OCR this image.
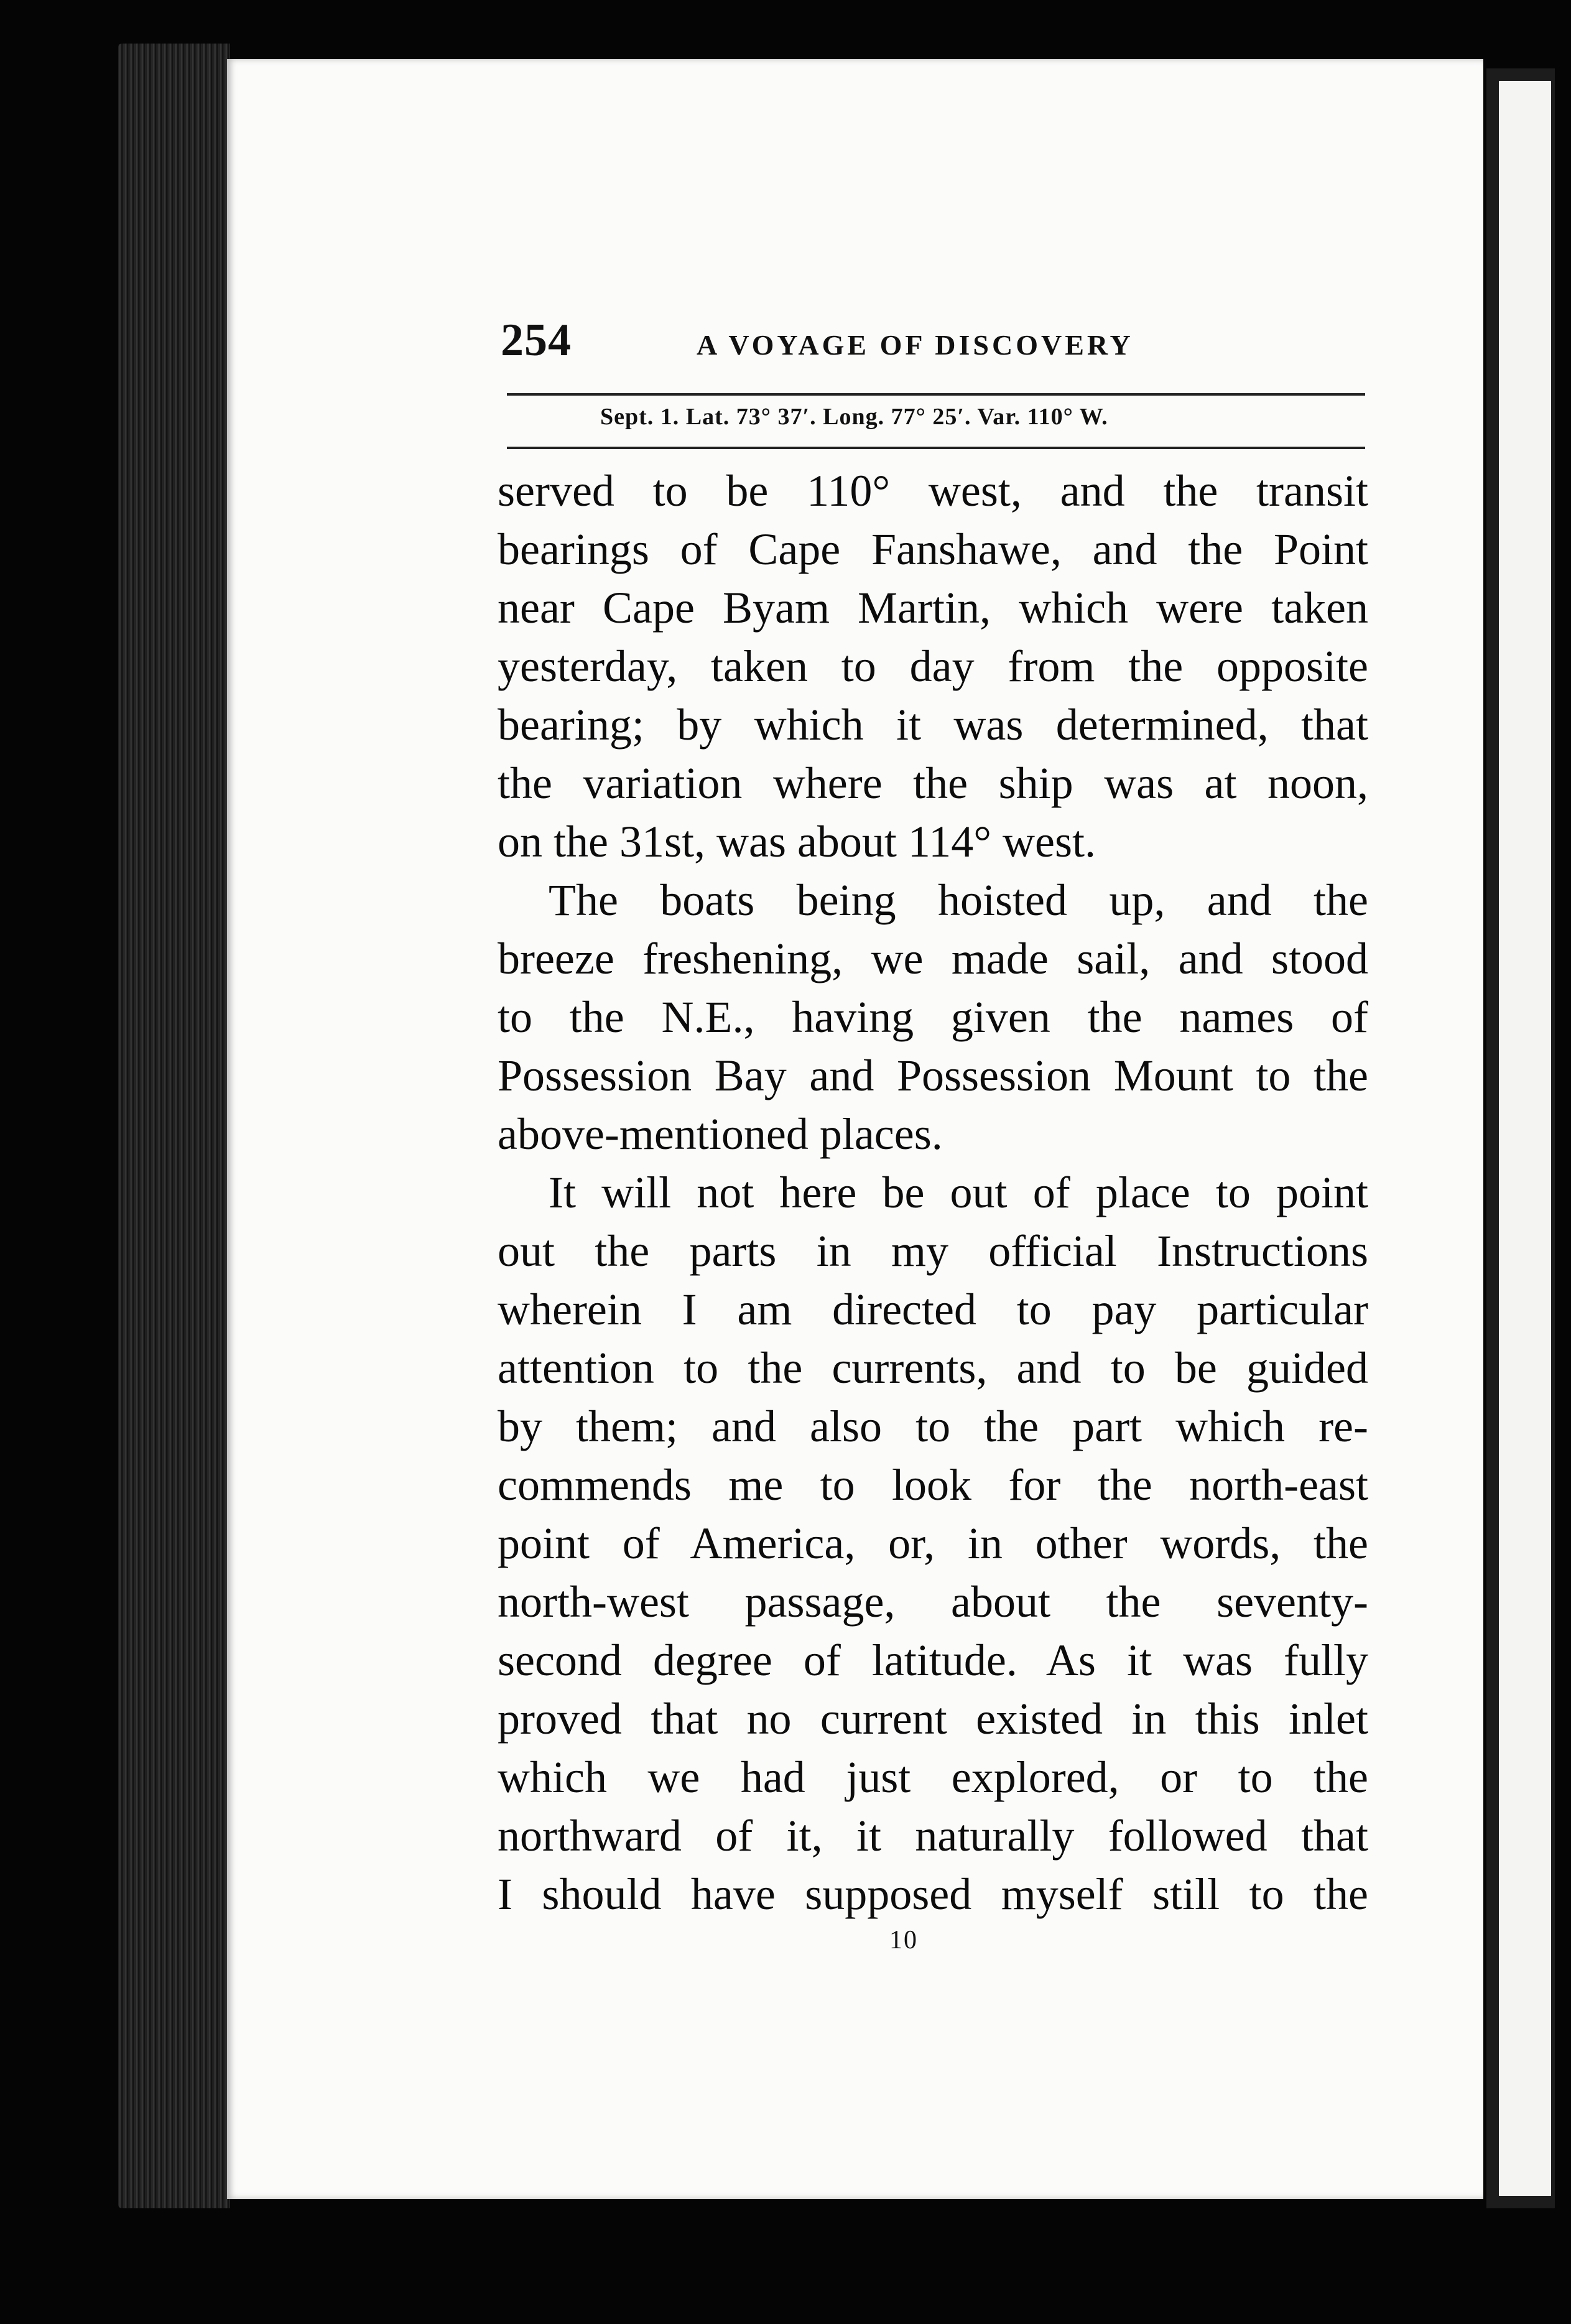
254	A VOYAGE OF DISCOVERY
Sept. 1. Lat. 73° 37′. Long. 77° 25′. Var. 110° W.
served to be 110° west, and the transit
bearings of Cape Fanshawe, and the Point
near Cape Byam Martin, which were taken
yesterday, taken to day from the opposite
bearing; by which it was determined, that
the variation where the ship was at noon,
on the 31st, was about 114° west.
The boats being hoisted up, and the
breeze freshening, we made sail, and stood
to the N.E., having given the names of
Possession Bay and Possession Mount to the
above-mentioned places.
It will not here be out of place to point
out the parts in my official Instructions
wherein I am directed to pay particular
attention to the currents, and to be guided
by them; and also to the part which re-
commends me to look for the north-east
point of America, or, in other words, the
north-west passage, about the seventy-
second degree of latitude. As it was fully
proved that no current existed in this inlet
which we had just explored, or to the
northward of it, it naturally followed that
I should have supposed myself still to the
10
